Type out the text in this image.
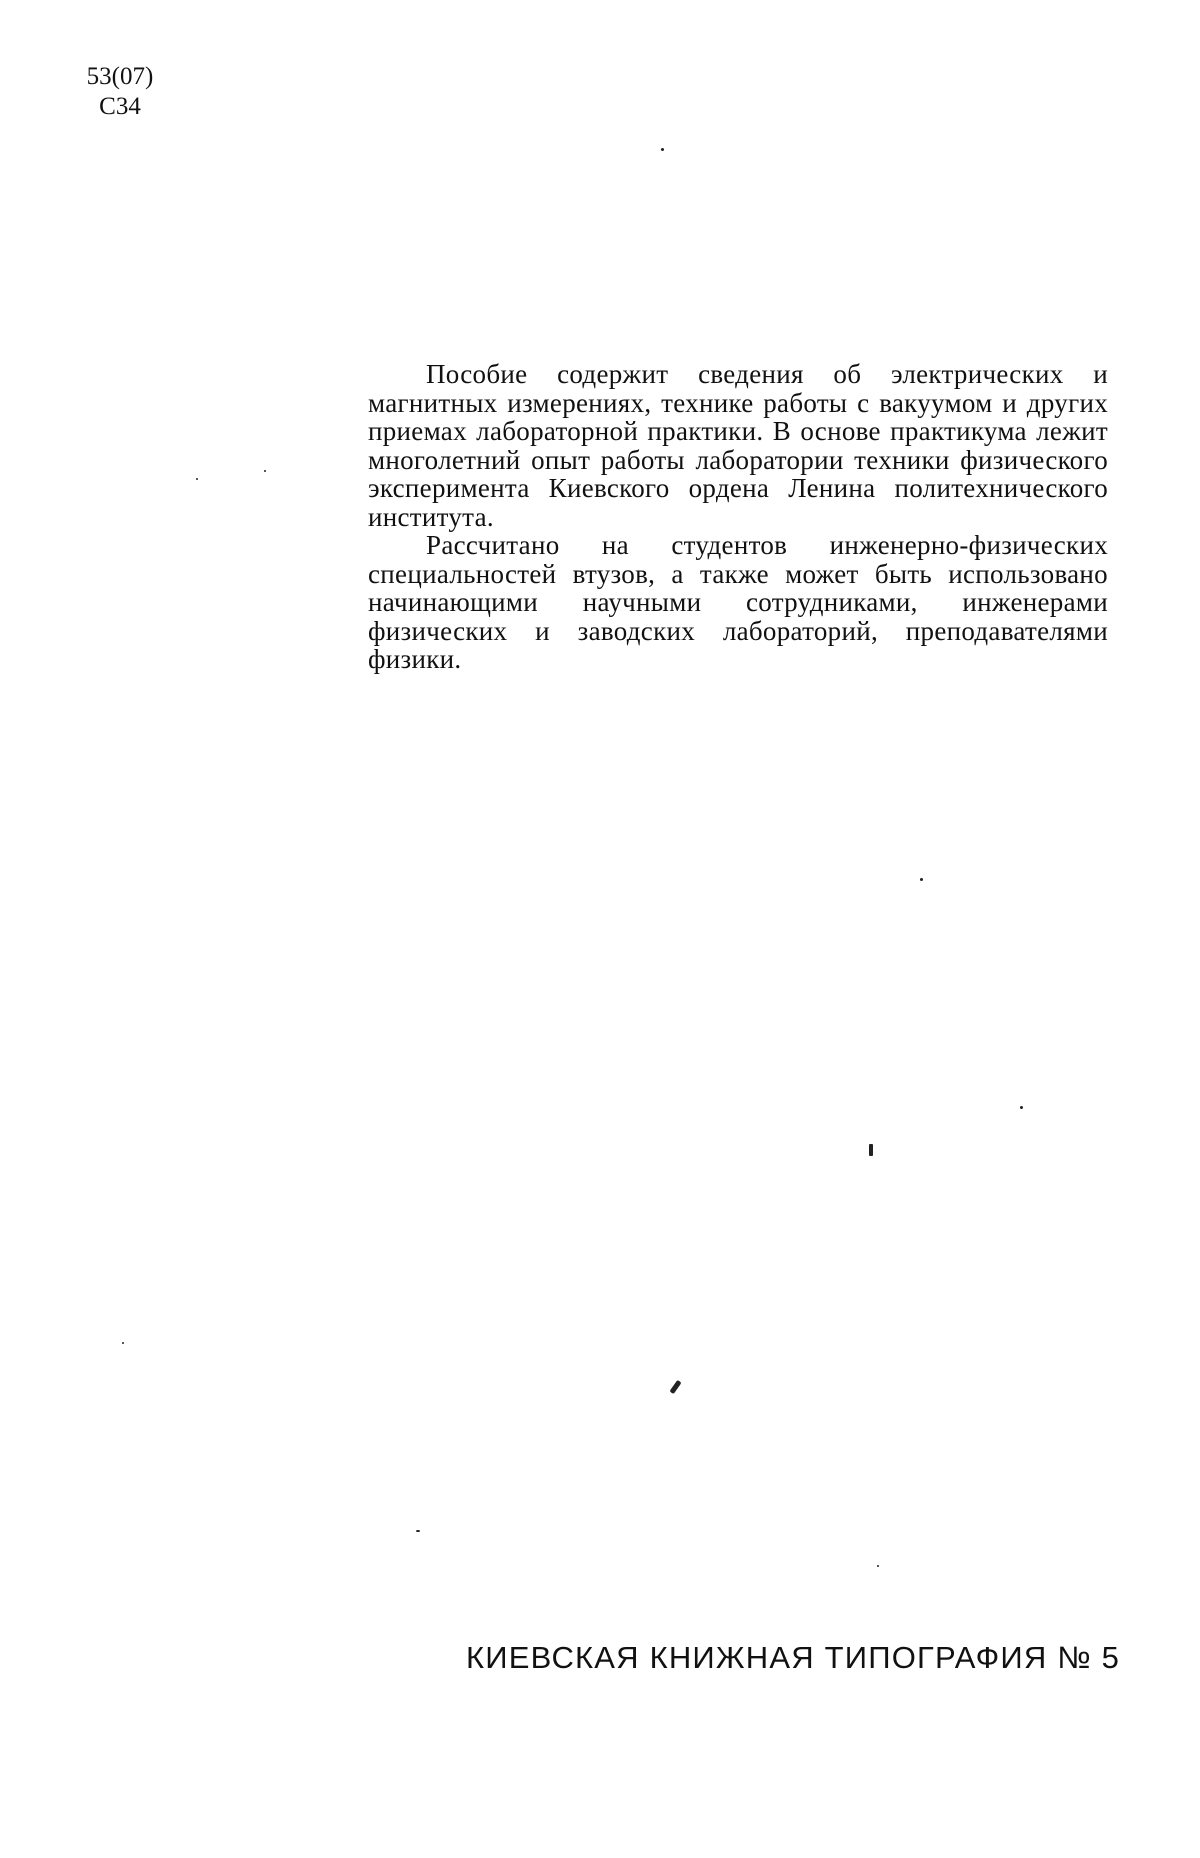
53(07)
С34

Пособие содержит сведения об электрических и магнитных измерениях, технике работы с вакуумом и других приемах лабораторной практики. В основе практикума лежит многолетний опыт работы лаборатории техники физического эксперимента Киевского ордена Ленина политехнического института.

Рассчитано на студентов инженерно-физических специальностей втузов, а также может быть использовано начинающими научными сотрудниками, инженерами физических и заводских лабораторий, преподавателями физики.

КИЕВСКАЯ КНИЖНАЯ ТИПОГРАФИЯ № 5
